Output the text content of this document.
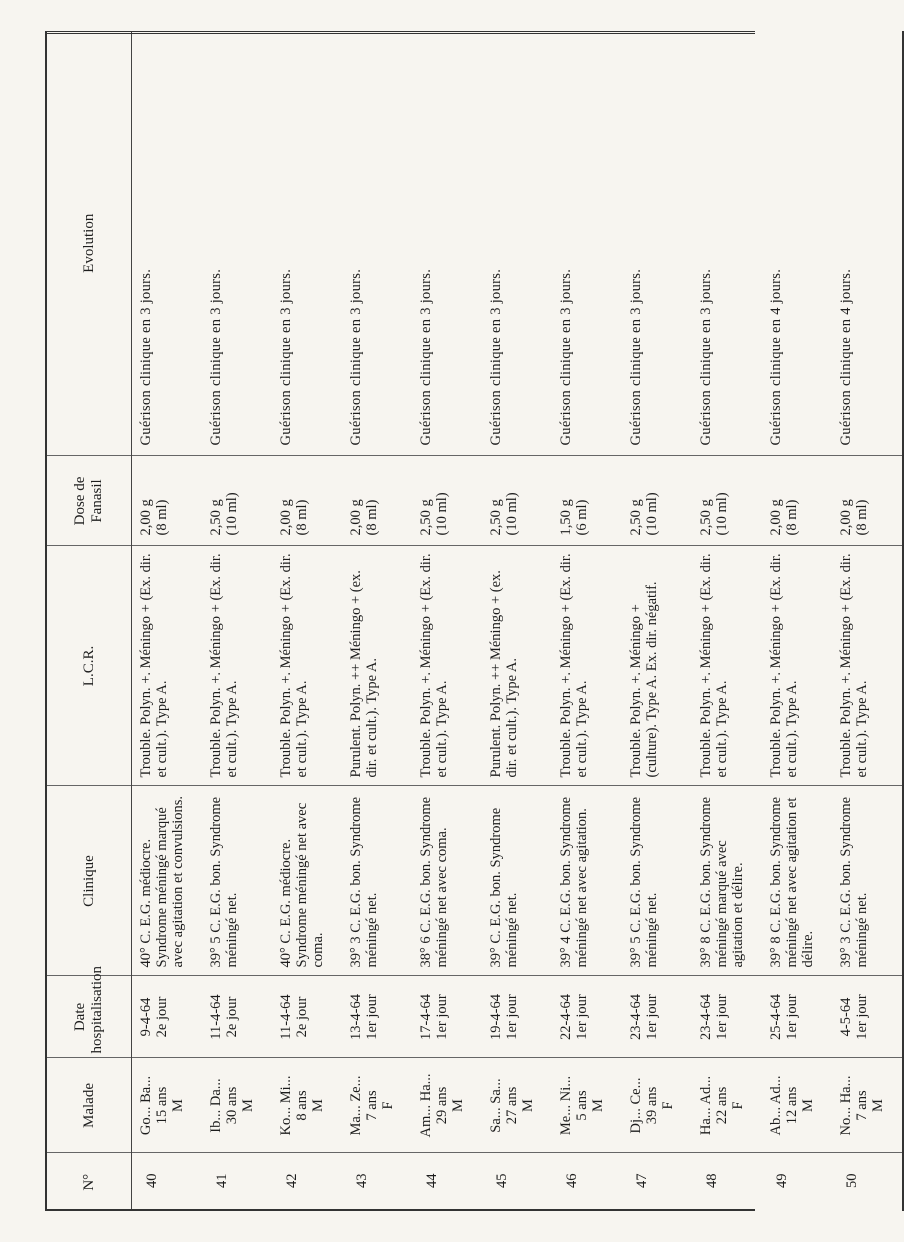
N°	Malade	Date hospitalisation	Clinique	L.C.R.	Dose de Fanasil	Evolution
40	Go... Ba... 15 ans M	9-4-64 2e jour	40° C. E.G. médiocre. Syndrome méningé marqué avec agitation et convulsions.	Trouble. Polyn. +. Méningo + (Ex. dir. et cult.). Type A.	2,00 g (8 ml)	Guérison clinique en 3 jours.
41	Ib... Da... 30 ans M	11-4-64 2e jour	39° 5 C. E.G. bon. Syndrome méningé net.	Trouble. Polyn. +. Méningo + (Ex. dir. et cult.). Type A.	2,50 g (10 ml)	Guérison clinique en 3 jours.
42	Ko... Mi... 8 ans M	11-4-64 2e jour	40° C. E.G. médiocre. Syndrome méningé net avec coma.	Trouble. Polyn. +. Méningo + (Ex. dir. et cult.). Type A.	2,00 g (8 ml)	Guérison clinique en 3 jours.
43	Ma... Ze... 7 ans F	13-4-64 1er jour	39° 3 C. E.G. bon. Syndrome méningé net.	Purulent. Polyn. ++ Méningo + (ex. dir. et cult.). Type A.	2,00 g (8 ml)	Guérison clinique en 3 jours.
44	Am... Ha... 29 ans M	17-4-64 1er jour	38° 6 C. E.G. bon. Syndrome méningé net avec coma.	Trouble. Polyn. +. Méningo + (Ex. dir. et cult.). Type A.	2,50 g (10 ml)	Guérison clinique en 3 jours.
45	Sa... Sa... 27 ans M	19-4-64 1er jour	39° C. E.G. bon. Syndrome méningé net.	Purulent. Polyn. ++ Méningo + (ex. dir. et cult.). Type A.	2,50 g (10 ml)	Guérison clinique en 3 jours.
46	Me... Ni... 5 ans M	22-4-64 1er jour	39° 4 C. E.G. bon. Syndrome méningé net avec agitation.	Trouble. Polyn. +. Méningo + (Ex. dir. et cult.). Type A.	1,50 g (6 ml)	Guérison clinique en 3 jours.
47	Dj... Ce... 39 ans F	23-4-64 1er jour	39° 5 C. E.G. bon. Syndrome méningé net.	Trouble. Polyn. +. Méningo + (culture). Type A. Ex. dir. négatif.	2,50 g (10 ml)	Guérison clinique en 3 jours.
48	Ha... Ad... 22 ans F	23-4-64 1er jour	39° 8 C. E.G. bon. Syndrome méningé marqué avec agitation et délire.	Trouble. Polyn. +. Méningo + (Ex. dir. et cult.). Type A.	2,50 g (10 ml)	Guérison clinique en 3 jours.
49	Ab... Ad... 12 ans M	25-4-64 1er jour	39° 8 C. E.G. bon. Syndrome méningé net avec agitation et délire.	Trouble. Polyn. +. Méningo + (Ex. dir. et cult.). Type A.	2,00 g (8 ml)	Guérison clinique en 4 jours.
50	No... Ha... 7 ans M	4-5-64 1er jour	39° 3 C. E.G. bon. Syndrome méningé net.	Trouble. Polyn. +. Méningo + (Ex. dir. et cult.). Type A.	2,00 g (8 ml)	Guérison clinique en 4 jours.
